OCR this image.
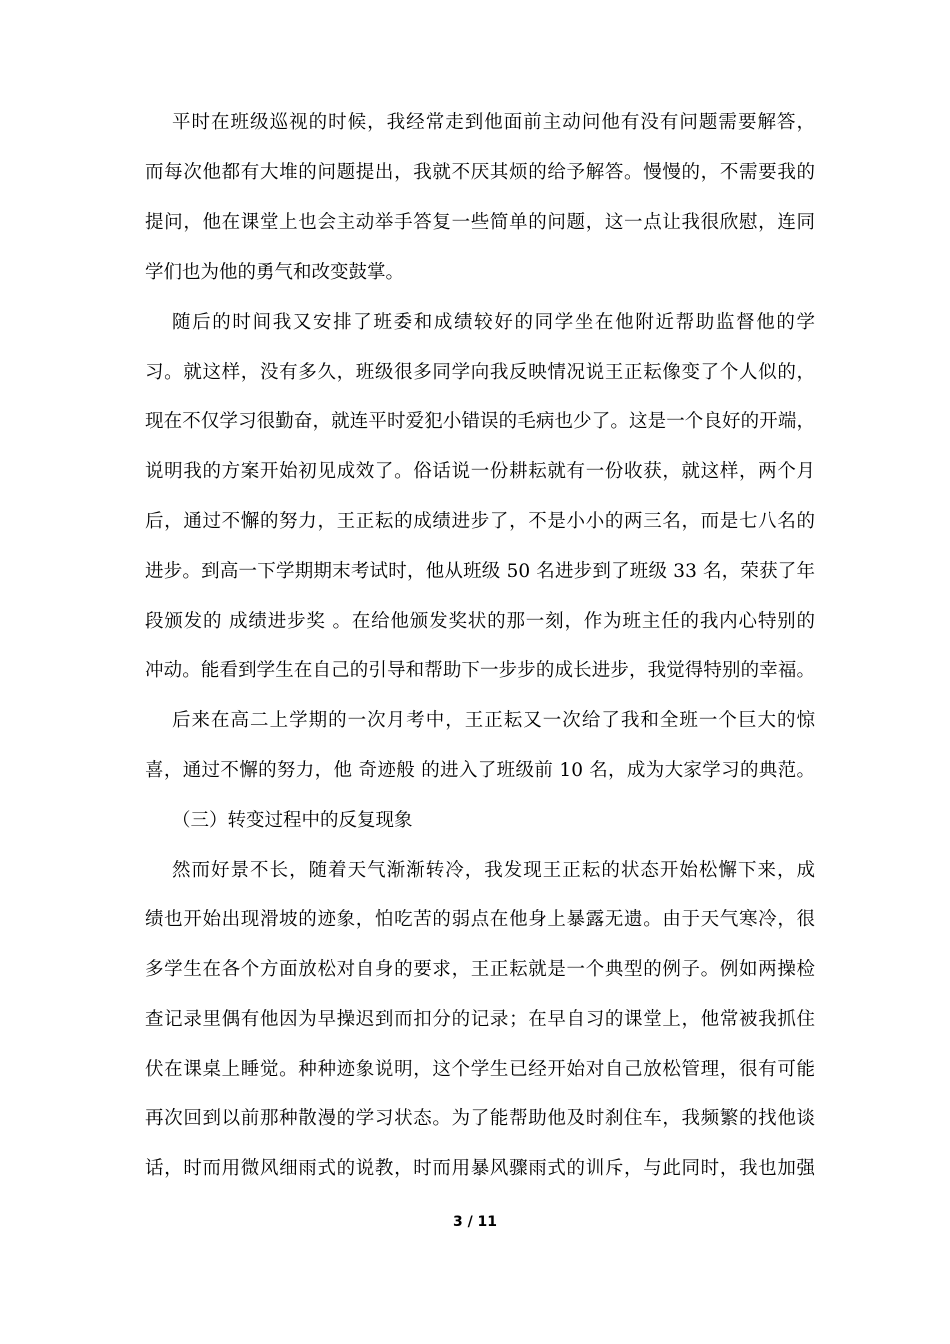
平时在班级巡视的时候，我经常走到他面前主动问他有没有问题需要解答，
而每次他都有大堆的问题提出，我就不厌其烦的给予解答。慢慢的，不需要我的
提问，他在课堂上也会主动举手答复一些简单的问题，这一点让我很欣慰，连同
学们也为他的勇气和改变鼓掌。
随后的时间我又安排了班委和成绩较好的同学坐在他附近帮助监督他的学
习。就这样，没有多久，班级很多同学向我反映情况说王正耘像变了个人似的，
现在不仅学习很勤奋，就连平时爱犯小错误的毛病也少了。这是一个良好的开端，
说明我的方案开始初见成效了。俗话说一份耕耘就有一份收获，就这样，两个月
后，通过不懈的努力，王正耘的成绩进步了，不是小小的两三名，而是七八名的
进步。到高一下学期期末考试时，他从班级 50 名进步到了班级 33 名，荣获了年
段颁发的 成绩进步奖 。在给他颁发奖状的那一刻，作为班主任的我内心特别的
冲动。能看到学生在自己的引导和帮助下一步步的成长进步，我觉得特别的幸福。
后来在高二上学期的一次月考中，王正耘又一次给了我和全班一个巨大的惊
喜，通过不懈的努力，他 奇迹般 的进入了班级前 10 名，成为大家学习的典范。
（三）转变过程中的反复现象
然而好景不长，随着天气渐渐转冷，我发现王正耘的状态开始松懈下来，成
绩也开始出现滑坡的迹象，怕吃苦的弱点在他身上暴露无遗。由于天气寒冷，很
多学生在各个方面放松对自身的要求，王正耘就是一个典型的例子。例如两操检
查记录里偶有他因为早操迟到而扣分的记录；在早自习的课堂上，他常被我抓住
伏在课桌上睡觉。种种迹象说明，这个学生已经开始对自己放松管理，很有可能
再次回到以前那种散漫的学习状态。为了能帮助他及时刹住车，我频繁的找他谈
话，时而用微风细雨式的说教，时而用暴风骤雨式的训斥，与此同时，我也加强
3 / 11
